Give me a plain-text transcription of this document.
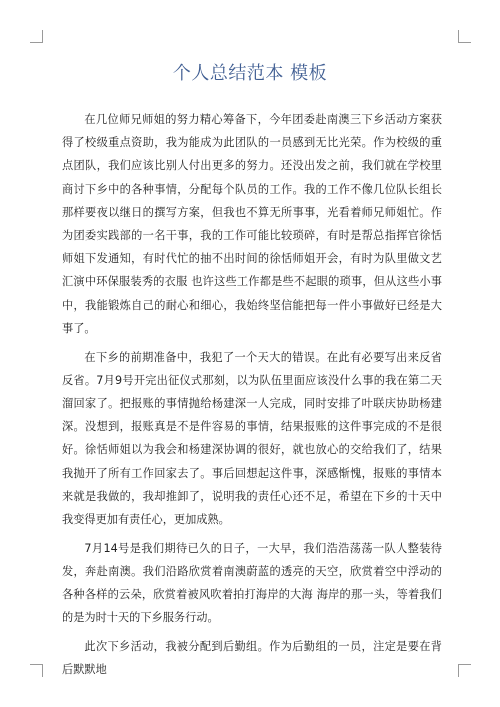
个人总结范本 模板

在几位师兄师姐的努力精心筹备下，今年团委赴南澳三下乡活动方案获得了校级重点资助，我为能成为此团队的一员感到无比光荣。作为校级的重点团队，我们应该比别人付出更多的努力。还没出发之前，我们就在学校里商讨下乡中的各种事情，分配每个队员的工作。我的工作不像几位队长组长那样要夜以继日的撰写方案，但我也不算无所事事，光看着师兄师姐忙。作为团委实践部的一名干事，我的工作可能比较琐碎，有时是帮总指挥官徐恬师姐下发通知，有时代忙的抽不出时间的徐恬师姐开会，有时为队里做文艺汇演中环保服装秀的衣服 也许这些工作都是些不起眼的琐事，但从这些小事中，我能锻炼自己的耐心和细心，我始终坚信能把每一件小事做好已经是大事了。

在下乡的前期准备中，我犯了一个天大的错误。在此有必要写出来反省反省。7月9号开完出征仪式那刻，以为队伍里面应该没什么事的我在第二天溜回家了。把报账的事情抛给杨建深一人完成，同时安排了叶联庆协助杨建深。没想到，报账真是不是件容易的事情，结果报账的这件事完成的不是很好。徐恬师姐以为我会和杨建深协调的很好，就也放心的交给我们了，结果我抛开了所有工作回家去了。事后回想起这件事，深感惭愧，报账的事情本来就是我做的，我却推卸了，说明我的责任心还不足，希望在下乡的十天中我变得更加有责任心，更加成熟。

7月14号是我们期待已久的日子，一大早，我们浩浩荡荡一队人整装待发，奔赴南澳。我们沿路欣赏着南澳蔚蓝的透亮的天空，欣赏着空中浮动的各种各样的云朵，欣赏着被风吹着拍打海岸的大海 海岸的那一头，等着我们的是为时十天的下乡服务行动。

此次下乡活动，我被分配到后勤组。作为后勤组的一员，注定是要在背后默默地
